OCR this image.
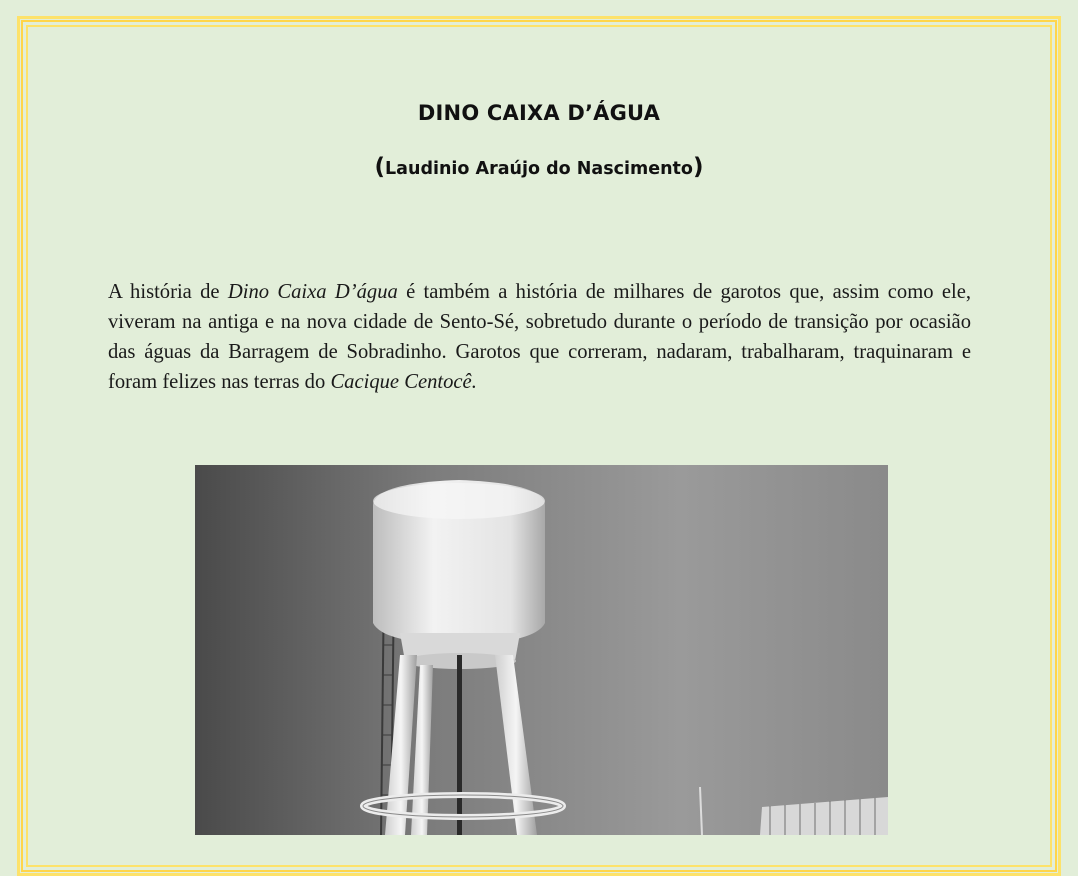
DINO CAIXA D’ÁGUA
(Laudinio Araújo do Nascimento)

A história de Dino Caixa D’água é também a história de milhares de garotos que, assim como ele, viveram na antiga e na nova cidade de Sento-Sé, sobretudo durante o período de transição por ocasião das águas da Barragem de Sobradinho. Garotos que correram, nadaram, trabalharam, traquinaram e foram felizes nas terras do Cacique Centocê.
